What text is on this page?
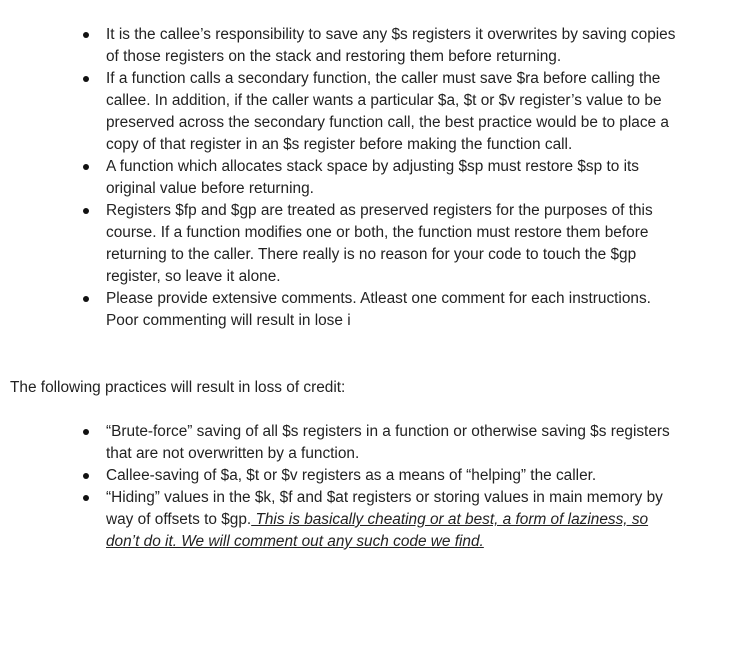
It is the callee’s responsibility to save any $s registers it overwrites by saving copies of those registers on the stack and restoring them before returning.
If a function calls a secondary function, the caller must save $ra before calling the callee. In addition, if the caller wants a particular $a, $t or $v register’s value to be preserved across the secondary function call, the best practice would be to place a copy of that register in an $s register before making the function call.
A function which allocates stack space by adjusting $sp must restore $sp to its original value before returning.
Registers $fp and $gp are treated as preserved registers for the purposes of this course. If a function modifies one or both, the function must restore them before returning to the caller. There really is no reason for your code to touch the $gp register, so leave it alone.
Please provide extensive comments. Atleast one comment for each instructions. Poor commenting will result in lose i

The following practices will result in loss of credit:

“Brute-force” saving of all $s registers in a function or otherwise saving $s registers that are not overwritten by a function.
Callee-saving of $a, $t or $v registers as a means of “helping” the caller.
“Hiding” values in the $k, $f and $at registers or storing values in main memory by way of offsets to $gp. This is basically cheating or at best, a form of laziness, so don’t do it. We will comment out any such code we find.
